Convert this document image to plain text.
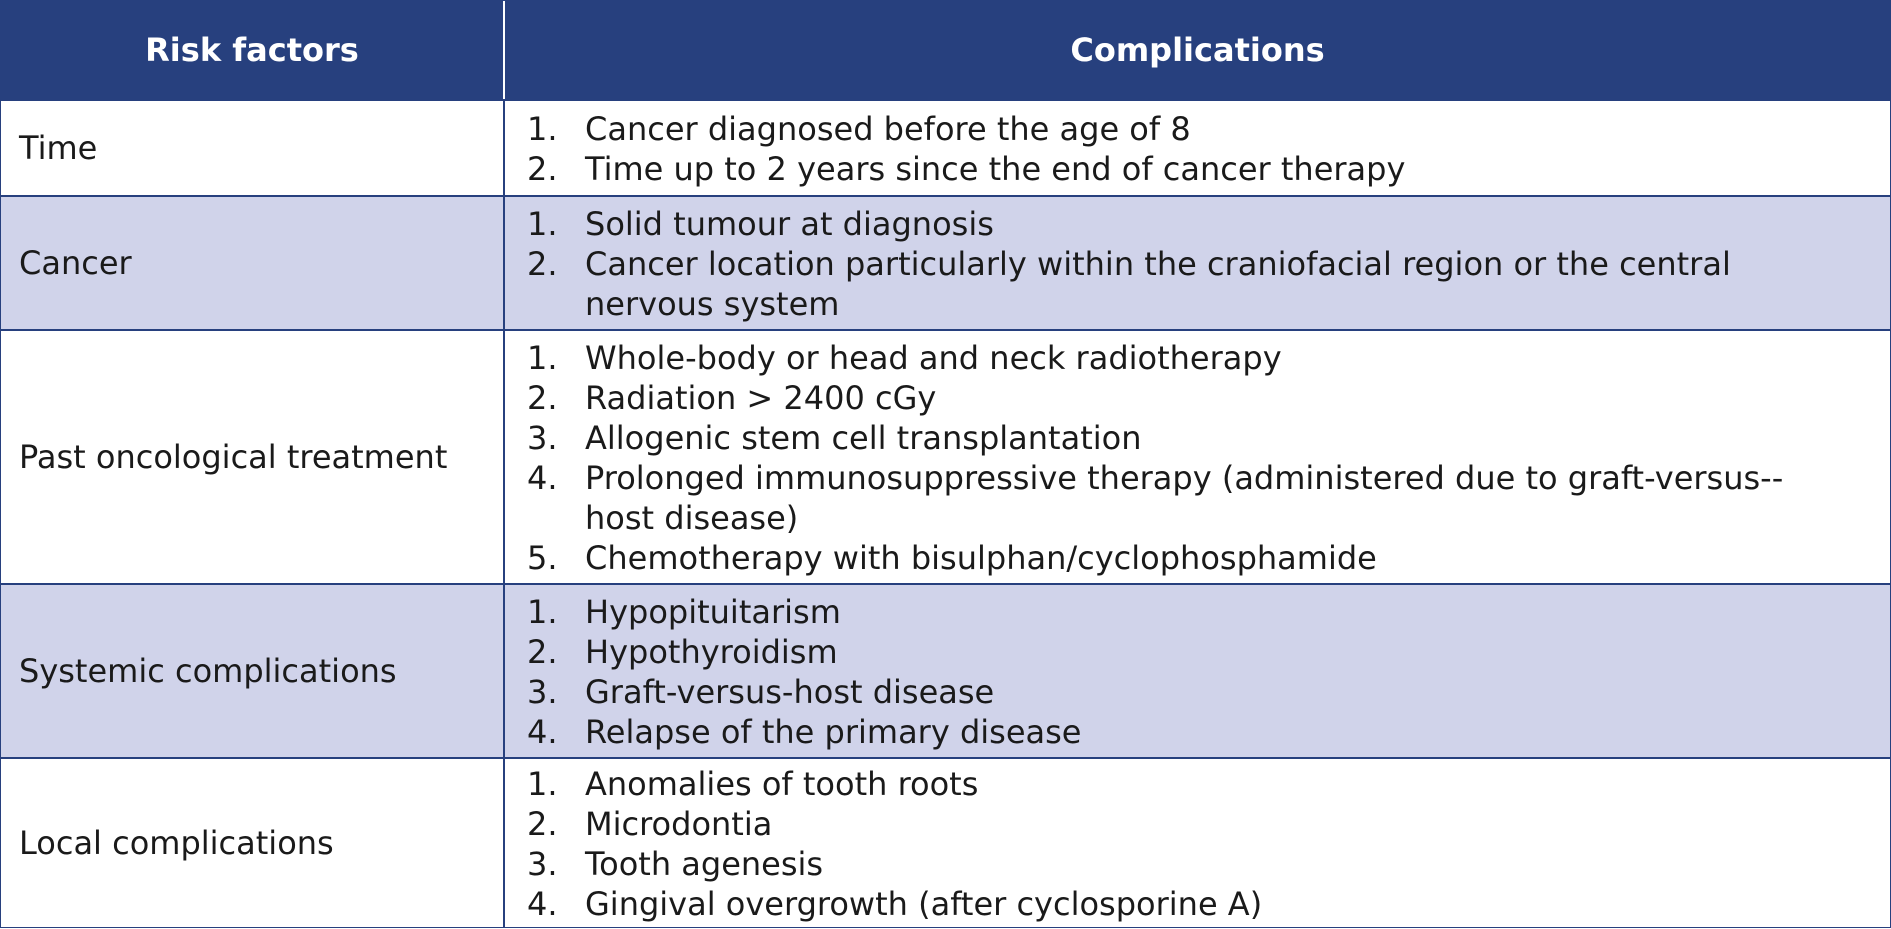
Risk factors	Complications
Time	1. Cancer diagnosed before the age of 8
2. Time up to 2 years since the end of cancer therapy
Cancer
1. Solid tumour at diagnosis
2. Cancer location particularly within the craniofacial region or the central nervous system
Past oncological treatment
1. Whole-body or head and neck radiotherapy
2. Radiation > 2400 cGy
3. Allogenic stem cell transplantation
4. Prolonged immunosuppressive therapy (administered due to graft-versus--host disease)
5. Chemotherapy with bisulphan/cyclophosphamide
Systemic complications
1. Hypopituitarism
2. Hypothyroidism
3. Graft-versus-host disease
4. Relapse of the primary disease
Local complications
1. Anomalies of tooth roots
2. Microdontia
3. Tooth agenesis
4. Gingival overgrowth (after cyclosporine A)
